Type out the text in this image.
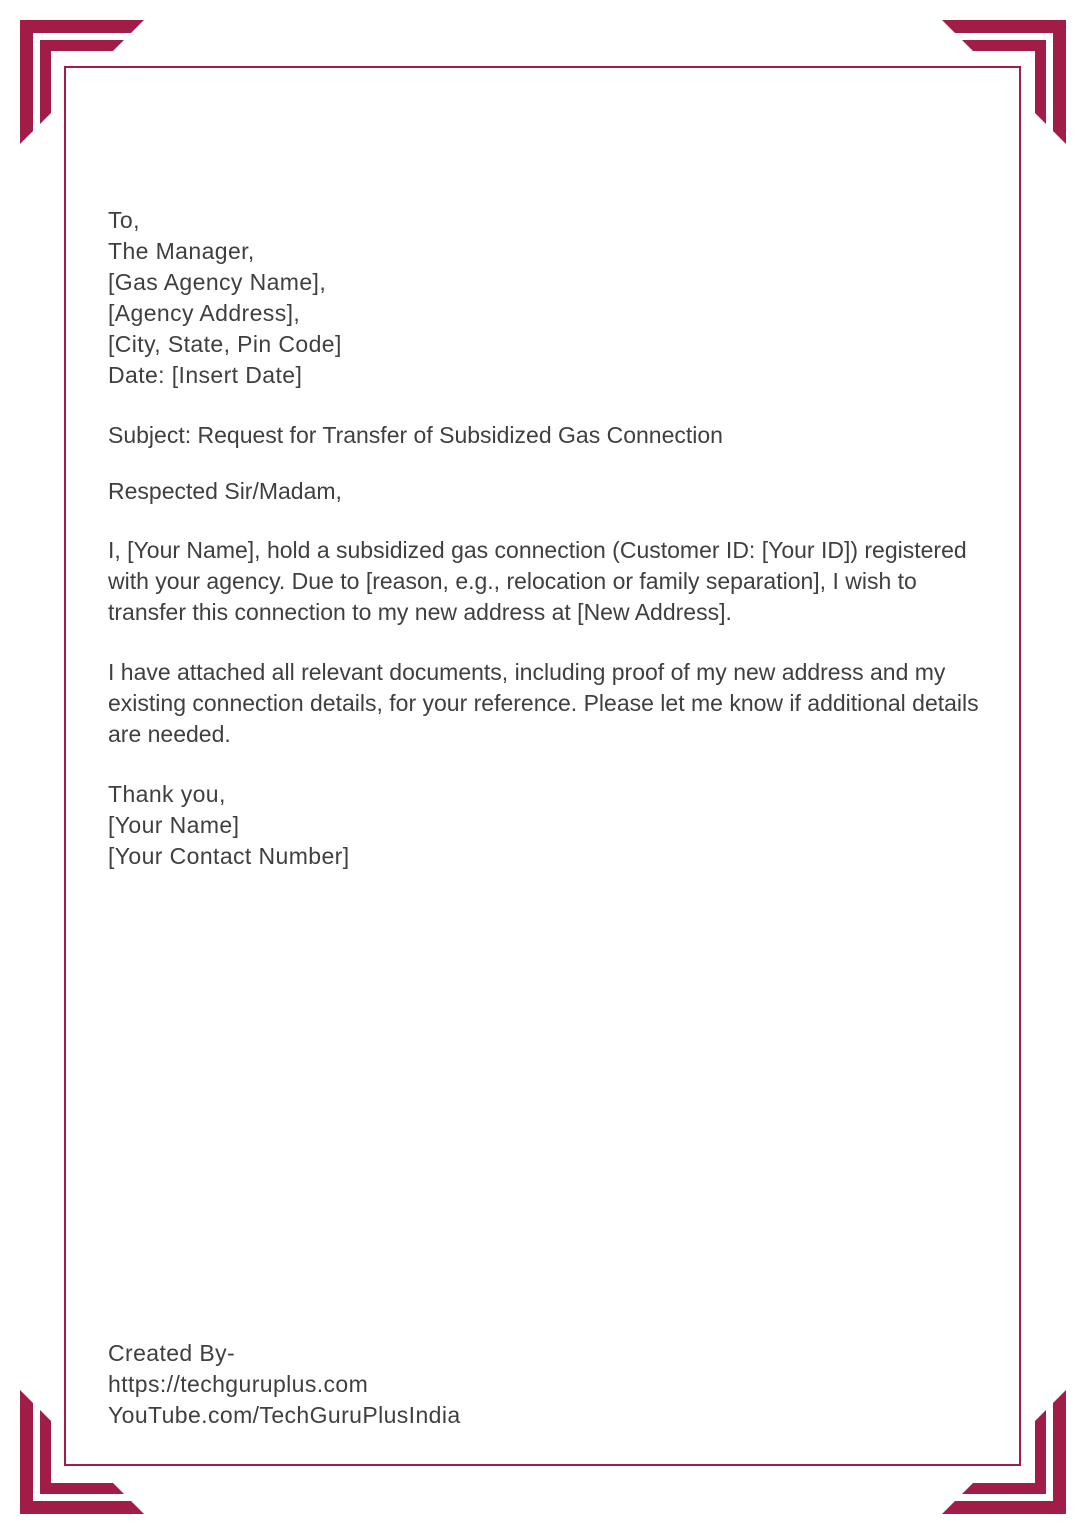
To,
The Manager,
[Gas Agency Name],
[Agency Address],
[City, State, Pin Code]
Date: [Insert Date]
Subject: Request for Transfer of Subsidized Gas Connection
Respected Sir/Madam,

I, [Your Name], hold a subsidized gas connection (Customer ID: [Your ID]) registered with your agency. Due to [reason, e.g., relocation or family separation], I wish to transfer this connection to my new address at [New Address].

I have attached all relevant documents, including proof of my new address and my existing connection details, for your reference. Please let me know if additional details are needed.

Thank you,
[Your Name]
[Your Contact Number]
Created By-
https://techguruplus.com
YouTube.com/TechGuruPlusIndia
